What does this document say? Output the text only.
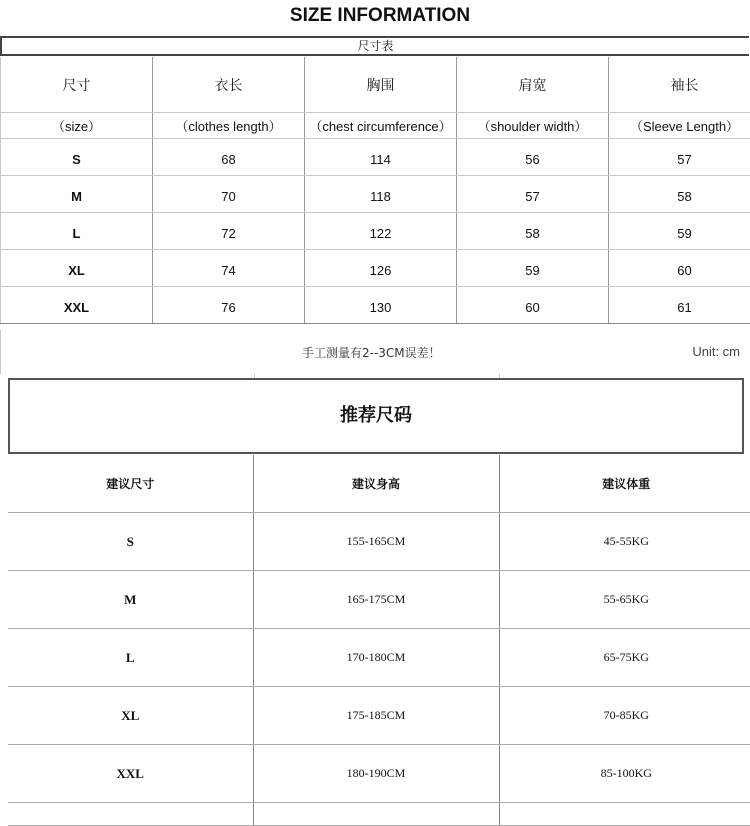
SIZE INFORMATION
尺寸表
尺寸	衣长	胸围	肩宽	袖长
（size）	（clothes length）	（chest circumference）	（shoulder width）	（Sleeve Length）
S	68	114	56	57
M	70	118	57	58
L	72	122	58	59
XL	74	126	59	60
XXL	76	130	60	61
手工测量有2--3CM误差！	Unit: cm
推荐尺码
建议尺寸	建议身高	建议体重
S	155-165CM	45-55KG
M	165-175CM	55-65KG
L	170-180CM	65-75KG
XL	175-185CM	70-85KG
XXL	180-190CM	85-100KG
